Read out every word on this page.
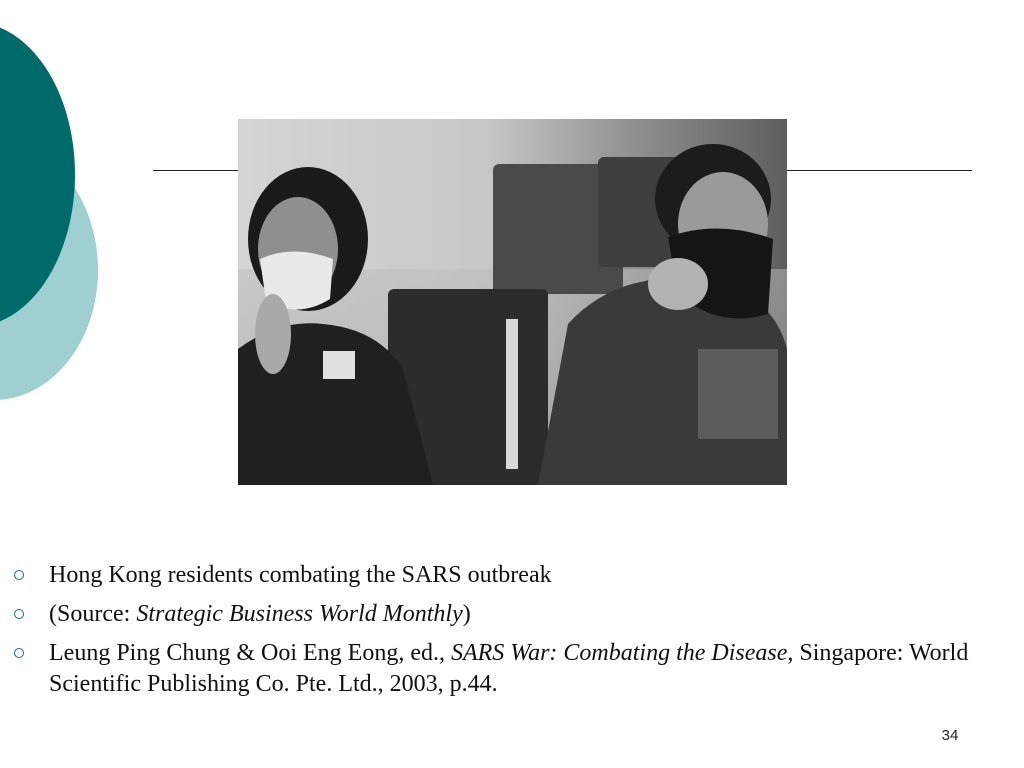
Hong Kong residents combating the SARS outbreak
(Source: Strategic Business World Monthly)
Leung Ping Chung & Ooi Eng Eong, ed., SARS War: Combating the Disease, Singapore: World Scientific Publishing Co. Pte. Ltd., 2003, p.44.
34
